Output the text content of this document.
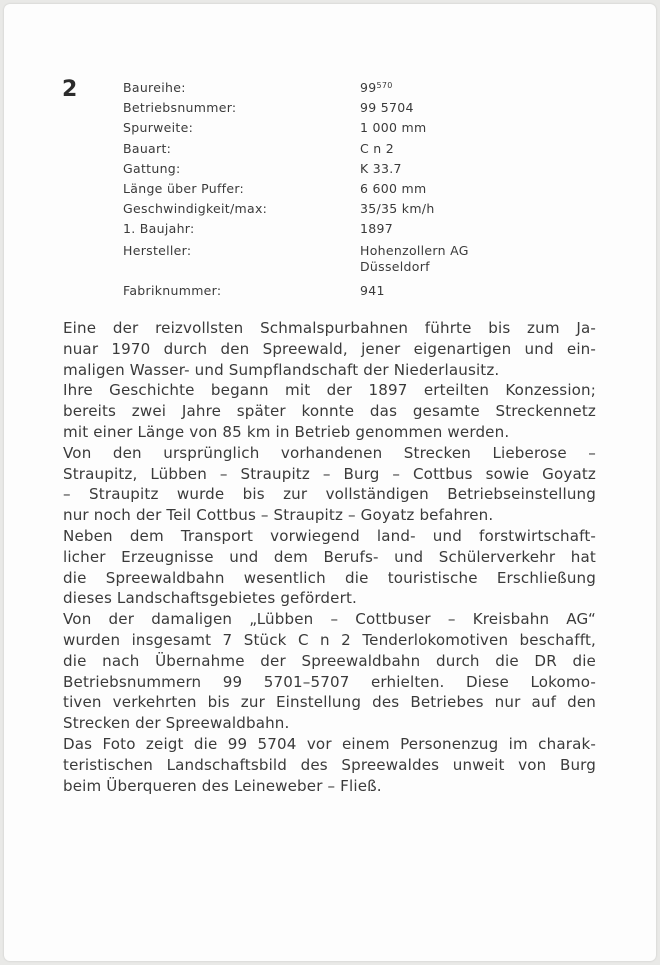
2	Baureihe:	$99^{570}$
Betriebsnummer:	99 5704
Spurweite:	1 000 mm
Bauart:	C n 2
Gattung:	K 33.7
Länge über Puffer:	6 600 mm
Geschwindigkeit/max:	35/35 km/h
1. Baujahr:	1897
Hersteller:	Hohenzollern AG
Düsseldorf
Fabriknummer:	941
Eine der reizvollsten Schmalspurbahnen führte bis zum Ja-
nuar 1970 durch den Spreewald, jener eigenartigen und ein-
maligen Wasser- und Sumpflandschaft der Niederlausitz.
Ihre Geschichte begann mit der 1897 erteilten Konzession;
bereits zwei Jahre später konnte das gesamte Streckennetz
mit einer Länge von 85 km in Betrieb genommen werden.
Von den ursprünglich vorhandenen Strecken Lieberose –
Straupitz, Lübben – Straupitz – Burg – Cottbus sowie Goyatz
– Straupitz wurde bis zur vollständigen Betriebseinstellung
nur noch der Teil Cottbus – Straupitz – Goyatz befahren.
Neben dem Transport vorwiegend land- und forstwirtschaft-
licher Erzeugnisse und dem Berufs- und Schülerverkehr hat
die Spreewaldbahn wesentlich die touristische Erschließung
dieses Landschaftsgebietes gefördert.
Von der damaligen „Lübben – Cottbuser – Kreisbahn AG“
wurden insgesamt 7 Stück C n 2 Tenderlokomotiven beschafft,
die nach Übernahme der Spreewaldbahn durch die DR die
Betriebsnummern 99 5701–5707 erhielten. Diese Lokomo-
tiven verkehrten bis zur Einstellung des Betriebes nur auf den
Strecken der Spreewaldbahn.
Das Foto zeigt die 99 5704 vor einem Personenzug im charak-
teristischen Landschaftsbild des Spreewaldes unweit von Burg
beim Überqueren des Leineweber – Fließ.
